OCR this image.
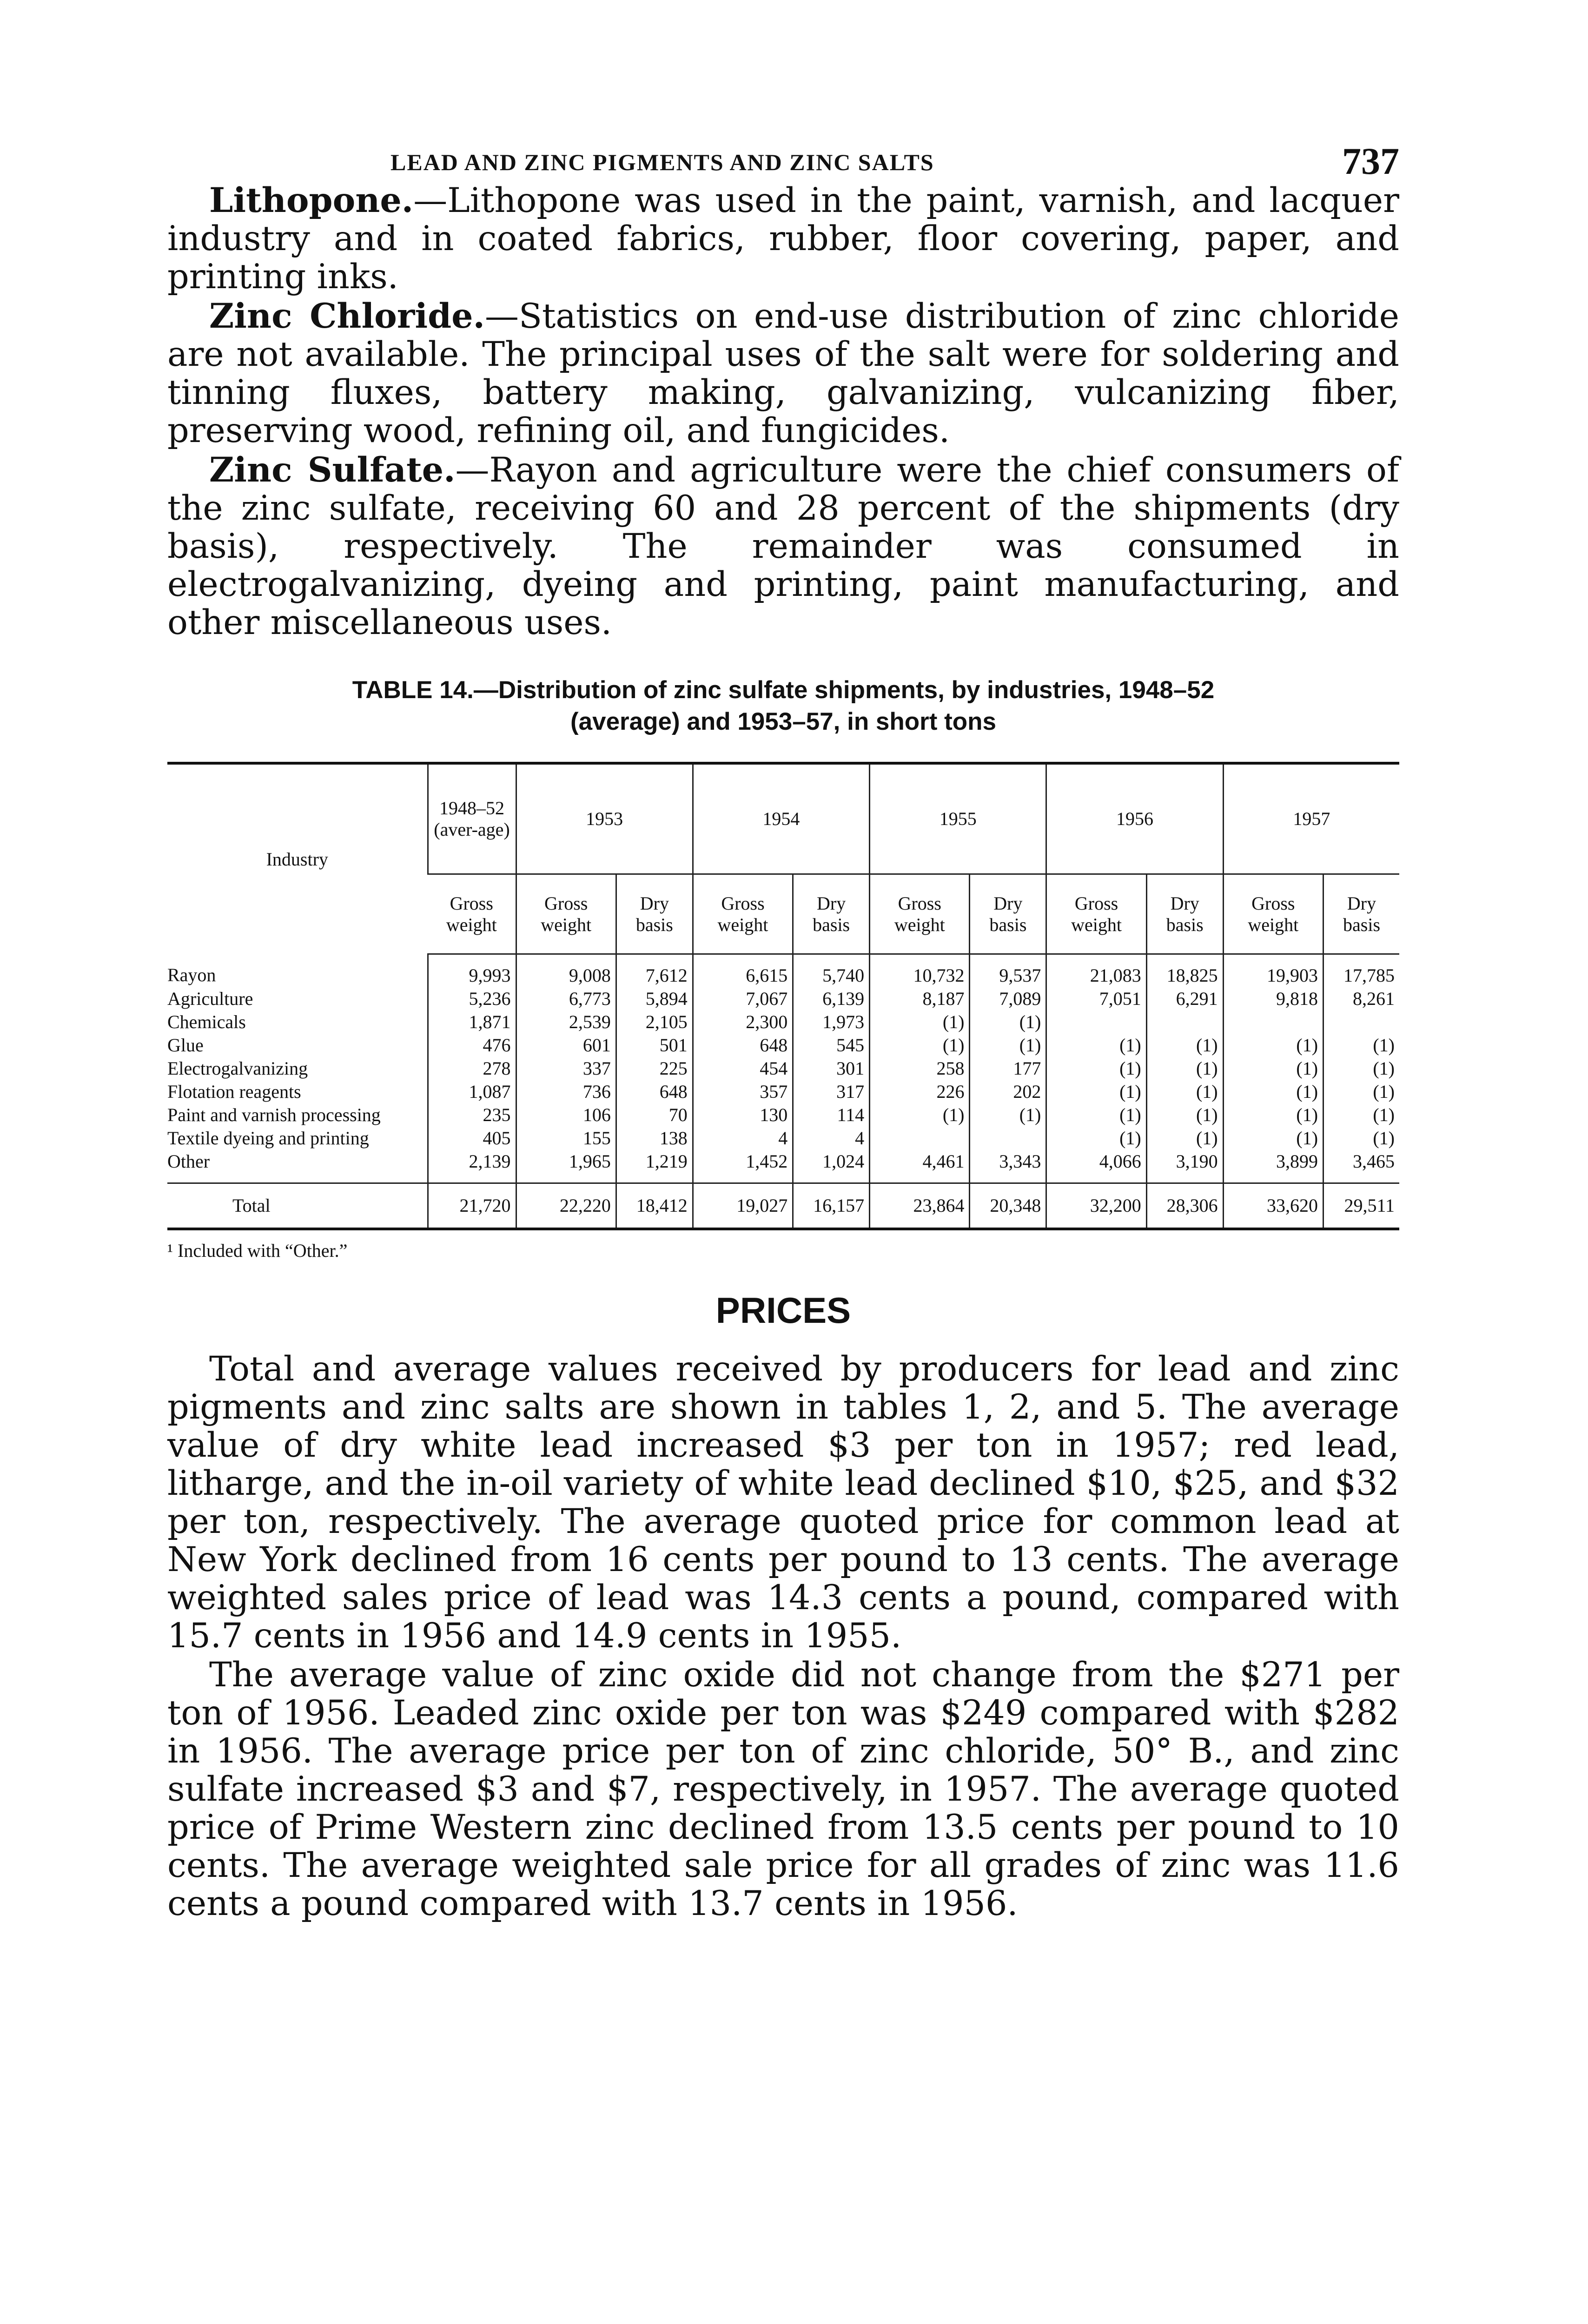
LEAD AND ZINC PIGMENTS AND ZINC SALTS	737

Lithopone.—Lithopone was used in the paint, varnish, and lacquer industry and in coated fabrics, rubber, floor covering, paper, and printing inks.

Zinc Chloride.—Statistics on end-use distribution of zinc chloride are not available. The principal uses of the salt were for soldering and tinning fluxes, battery making, galvanizing, vulcanizing fiber, preserving wood, refining oil, and fungicides.

Zinc Sulfate.—Rayon and agriculture were the chief consumers of the zinc sulfate, receiving 60 and 28 percent of the shipments (dry basis), respectively. The remainder was consumed in electrogalvanizing, dyeing and printing, paint manufacturing, and other miscellaneous uses.

TABLE 14.—Distribution of zinc sulfate shipments, by industries, 1948–52
(average) and 1953–57, in short tons
Industry	1948–52 (aver-age)	1953		1954		1955		1956		1957	
	Gross weight	Gross weight	Dry basis	Gross weight	Dry basis	Gross weight	Dry basis	Gross weight	Dry basis	Gross weight	Dry basis
Rayon	9,993	9,008	7,612	6,615	5,740	10,732	9,537	21,083	18,825	19,903	17,785
Agriculture	5,236	6,773	5,894	7,067	6,139	8,187	7,089	7,051	6,291	9,818	8,261
Chemicals	1,871	2,539	2,105	2,300	1,973	(1)	(1)				
Glue	476	601	501	648	545	(1)	(1)	(1)	(1)	(1)	(1)
Electrogalvanizing	278	337	225	454	301	258	177	(1)	(1)	(1)	(1)
Flotation reagents	1,087	736	648	357	317	226	202	(1)	(1)	(1)	(1)
Paint and varnish processing	235	106	70	130	114	(1)	(1)	(1)	(1)	(1)	(1)
Textile dyeing and printing	405	155	138	4	4			(1)	(1)	(1)	(1)
Other	2,139	1,965	1,219	1,452	1,024	4,461	3,343	4,066	3,190	3,899	3,465
Total	21,720	22,220	18,412	19,027	16,157	23,864	20,348	32,200	28,306	33,620	29,511
¹ Included with “Other.”
PRICES

Total and average values received by producers for lead and zinc pigments and zinc salts are shown in tables 1, 2, and 5. The average value of dry white lead increased $3 per ton in 1957; red lead, litharge, and the in-oil variety of white lead declined $10, $25, and $32 per ton, respectively. The average quoted price for common lead at New York declined from 16 cents per pound to 13 cents. The average weighted sales price of lead was 14.3 cents a pound, compared with 15.7 cents in 1956 and 14.9 cents in 1955.

The average value of zinc oxide did not change from the $271 per ton of 1956. Leaded zinc oxide per ton was $249 compared with $282 in 1956. The average price per ton of zinc chloride, 50° B., and zinc sulfate increased $3 and $7, respectively, in 1957. The average quoted price of Prime Western zinc declined from 13.5 cents per pound to 10 cents. The average weighted sale price for all grades of zinc was 11.6 cents a pound compared with 13.7 cents in 1956.
